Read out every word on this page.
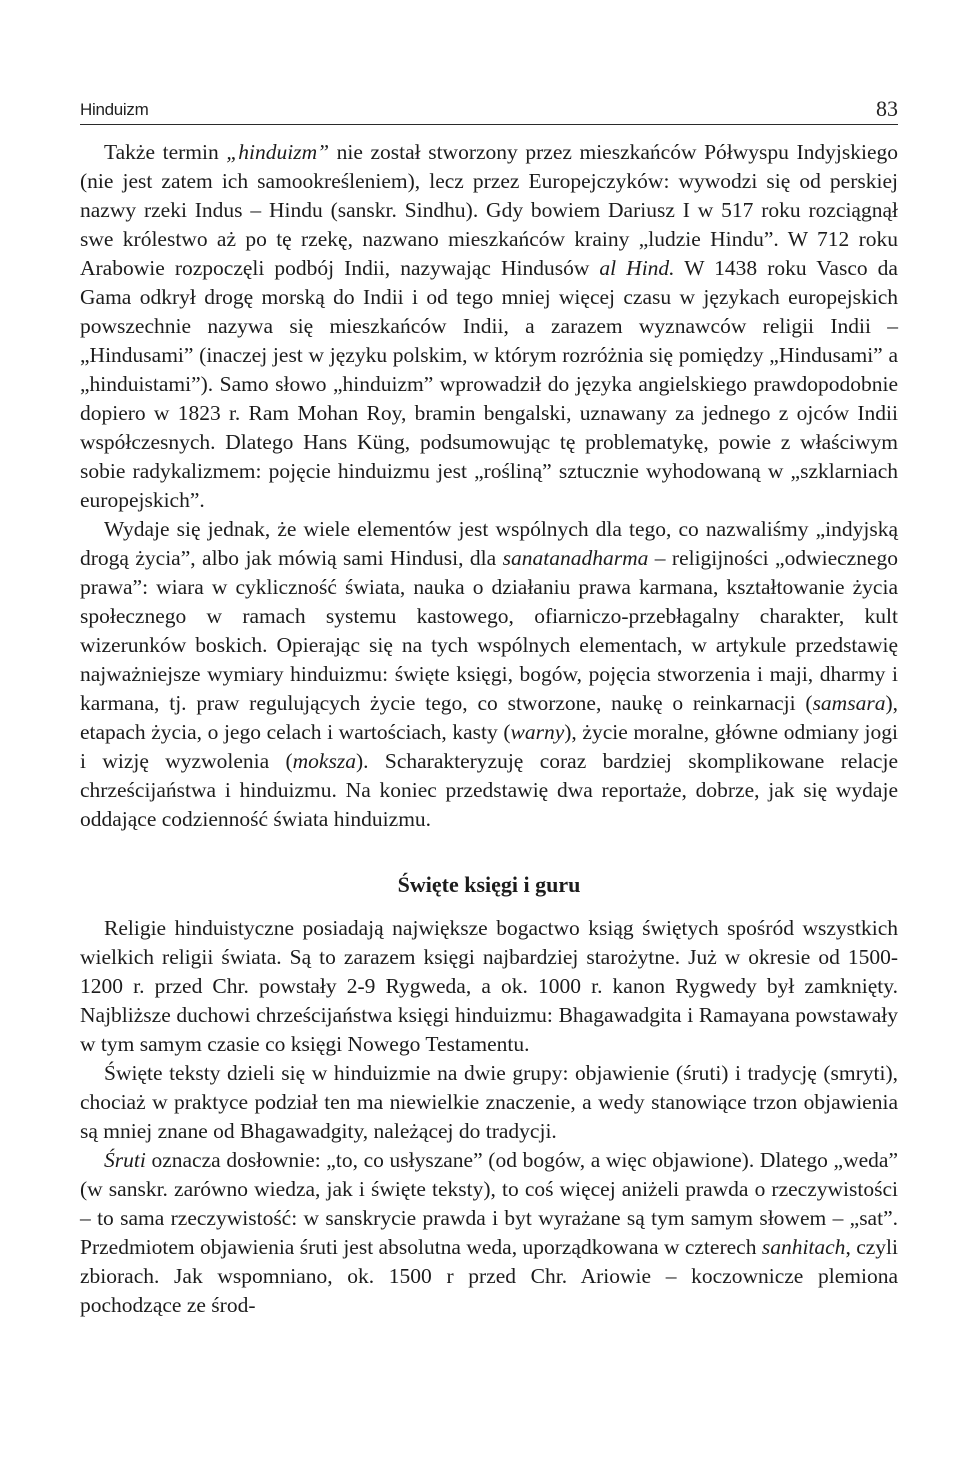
Hinduizm	83

Także termin „hinduizm” nie został stworzony przez mieszkańców Półwyspu Indyjskiego (nie jest zatem ich samookreśleniem), lecz przez Europejczyków: wywodzi się od perskiej nazwy rzeki Indus – Hindu (sanskr. Sindhu). Gdy bowiem Dariusz I w 517 roku rozciągnął swe królestwo aż po tę rzekę, nazwano mieszkańców krainy „ludzie Hindu”. W 712 roku Arabowie rozpoczęli podbój Indii, nazywając Hindusów al Hind. W 1438 roku Vasco da Gama odkrył drogę morską do Indii i od tego mniej więcej czasu w językach europejskich powszechnie nazywa się mieszkańców Indii, a zarazem wyznawców religii Indii – „Hindusami” (inaczej jest w języku polskim, w którym rozróżnia się pomiędzy „Hindusami” a „hinduistami”). Samo słowo „hinduizm” wprowadził do języka angielskiego prawdopodobnie dopiero w 1823 r. Ram Mohan Roy, bramin bengalski, uznawany za jednego z ojców Indii współczesnych. Dlatego Hans Küng, podsumowując tę problematykę, powie z właściwym sobie radykalizmem: pojęcie hinduizmu jest „rośliną” sztucznie wyhodowaną w „szklarniach europejskich”.

Wydaje się jednak, że wiele elementów jest wspólnych dla tego, co nazwaliśmy „indyjską drogą życia”, albo jak mówią sami Hindusi, dla sanatanadharma – religijności „odwiecznego prawa”: wiara w cykliczność świata, nauka o działaniu prawa karmana, kształtowanie życia społecznego w ramach systemu kastowego, ofiarniczo-przebłagalny charakter, kult wizerunków boskich. Opierając się na tych wspólnych elementach, w artykule przedstawię najważniejsze wymiary hinduizmu: święte księgi, bogów, pojęcia stworzenia i maji, dharmy i karmana, tj. praw regulujących życie tego, co stworzone, naukę o reinkarnacji (samsara), etapach życia, o jego celach i wartościach, kasty (warny), życie moralne, główne odmiany jogi i wizję wyzwolenia (moksza). Scharakteryzuję coraz bardziej skomplikowane relacje chrześcijaństwa i hinduizmu. Na koniec przedstawię dwa reportaże, dobrze, jak się wydaje oddające codzienność świata hinduizmu.

Święte księgi i guru

Religie hinduistyczne posiadają największe bogactwo ksiąg świętych spośród wszystkich wielkich religii świata. Są to zarazem księgi najbardziej starożytne. Już w okresie od 1500-1200 r. przed Chr. powstały 2-9 Rygweda, a ok. 1000 r. kanon Rygwedy był zamknięty. Najbliższe duchowi chrześcijaństwa księgi hinduizmu: Bhagawadgita i Ramayana powstawały w tym samym czasie co księgi Nowego Testamentu.

Święte teksty dzieli się w hinduizmie na dwie grupy: objawienie (śruti) i tradycję (smryti), chociaż w praktyce podział ten ma niewielkie znaczenie, a wedy stanowiące trzon objawienia są mniej znane od Bhagawadgity, należącej do tradycji.

Śruti oznacza dosłownie: „to, co usłyszane” (od bogów, a więc objawione). Dlatego „weda” (w sanskr. zarówno wiedza, jak i święte teksty), to coś więcej aniżeli prawda o rzeczywistości – to sama rzeczywistość: w sanskrycie prawda i byt wyrażane są tym samym słowem – „sat”. Przedmiotem objawienia śruti jest absolutna weda, uporządkowana w czterech sanhitach, czyli zbiorach. Jak wspomniano, ok. 1500 r przed Chr. Ariowie – koczownicze plemiona pochodzące ze środ-
